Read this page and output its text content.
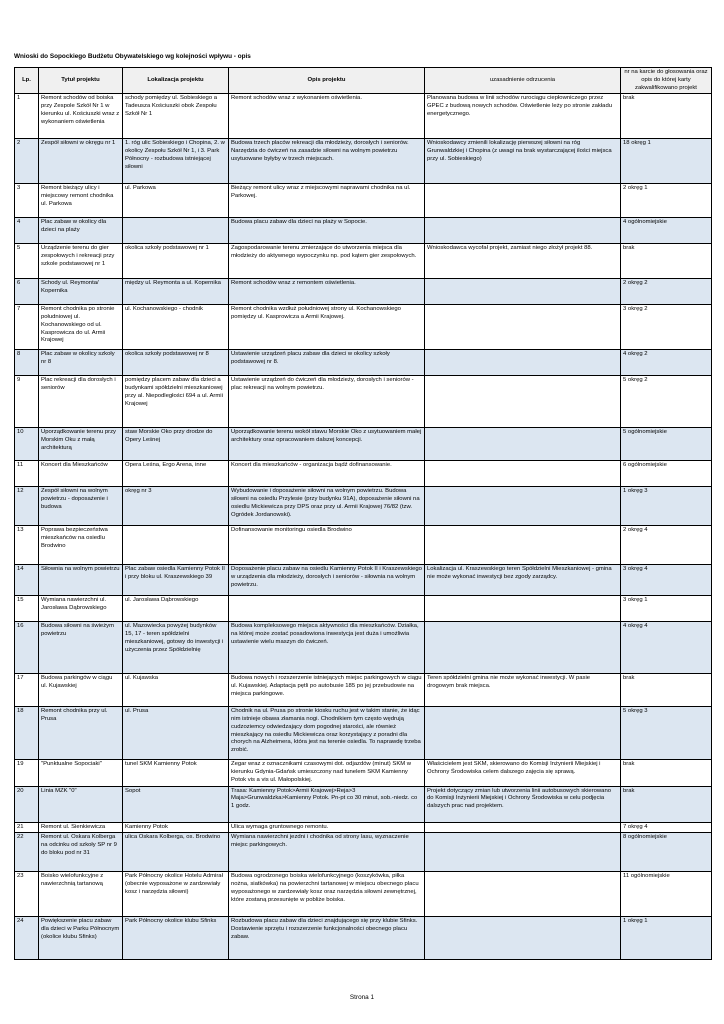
Wnioski do Sopockiego Budżetu Obywatelskiego wg kolejności wpływu - opis
Lp.	Tytuł projektu	Lokalizacja projektu	Opis projektu	uzasadnienie odrzucenia	nr na karcie do głosowania oraz opis do której karty zakwalifikowano projekt
1	Remont schodów od boiska przy Zespole Szkół Nr 1 w kierunku ul. Kościuszki wraz z wykonaniem oświetlenia	schody pomiędzy ul. Sobieskiego a Tadeusza Kościuszki obok Zespołu Szkół Nr 1	Remont schodów wraz z wykonaniem oświetlenia.	Planowana budowa w linii schodów rurociągu ciepłowniczego przez GPEC z budową nowych schodów. Oświetlenie leży po stronie zakładu energetycznego.	brak
2	Zespół siłowni w okręgu nr 1	1. róg ulic Sobieskiego i Chopina, 2. w okolicy Zespołu Szkół Nr 1, i 3. Park Północny - rozbudowa istniejącej siłowni	Budowa trzech placów rekreacji dla młodzieży, dorosłych i seniorów. Narzędzia do ćwiczeń na zasadzie siłowni na wolnym powietrzu usytuowane byłyby w trzech miejscach.	Wnioskodawcy zmienili lokalizację pierwszej siłowni na róg Grunwaldzkiej i Chopina (z uwagi na brak wystarczającej ilości miejsca przy ul. Sobieskiego)	18 okręg 1
3	Remont bieżący ulicy i miejscowy remont chodnika ul. Parkowa	ul. Parkowa	Bieżący remont ulicy wraz z miejscowymi naprawami chodnika na ul. Parkowej.		2 okręg 1
4	Plac zabaw w okolicy dla dzieci na plaży		Budowa placu zabaw dla dzieci na plaży w Sopocie.		4 ogólnomiejskie
5	Urządzenie terenu do gier zespołowych i rekreacji przy szkole podstawowej nr 1	okolica szkoły podstawowej nr 1	Zagospodarowanie terenu zmierzające do utworzenia miejsca dla młodzieży do aktywnego wypoczynku np. pod kątem gier zespołowych.	Wnioskodawca wycofał projekt, zamiast niego złożył projekt 88.	brak
6	Schody ul. Reymonta/ Kopernika	między ul. Reymonta a ul. Kopernika	Remont schodów wraz z remontem oświetlenia.		2 okręg 2
7	Remont chodnika po stronie południowej ul. Kochanowskiego od ul. Kasprowicza do ul. Armii Krajowej	ul. Kochanowskiego - chodnik	Remont chodnika wzdłuż południowej strony ul. Kochanowskiego pomiędzy ul. Kasprowicza a Armii Krajowej.		3 okręg 2
8	Plac zabaw w okolicy szkoły nr 8	okolica szkoły podstawowej nr 8	Ustawienie urządzeń placu zabaw dla dzieci w okolicy szkoły podstawowej nr 8.		4 okręg 2
9	Plac rekreacji dla dorosłych i seniorów	pomiędzy placem zabaw dla dzieci a budynkami spółdzielni mieszkaniowej przy al. Niepodległości 694 a ul. Armii Krajowej	Ustawienie urządzeń do ćwiczeń dla młodzieży, dorosłych i seniorów - plac rekreacji na wolnym powietrzu.		5 okręg 2
10	Uporządkowanie terenu przy Morskim Oku z małą architekturą	staw Morskie Oko przy drodze do Opery Leśnej	Uporządkowanie terenu wokół stawu Morskie Oko z usytuowaniem małej architektury oraz opracowaniem dalszej koncepcji.		5 ogólnomiejskie
11	Koncert dla Mieszkańców	Opera Leśna, Ergo Arena, inne	Koncert dla mieszkańców - organizacja bądź dofinansowanie.		6 ogólnomiejskie
12	Zespół siłowni na wolnym powietrzu - doposażenie i budowa	okręg nr 3	Wybudowanie i doposażenie siłowni na wolnym powietrzu. Budowa siłowni na osiedlu Przylesie (przy budynku 91A), doposażenie siłowni na osiedlu Mickiewicza przy DPS oraz przy ul. Armii Krajowej 76/82 (tzw. Ogródek Jordanowski).		1 okręg 3
13	Poprawa bezpieczeństwa mieszkańców na osiedlu Brodwino		Dofinansowanie monitoringu osiedla Brodwino		2 okręg 4
14	Siłownia na wolnym powietrzu	Plac zabaw osiedla Kamienny Potok II i przy bloku ul. Kraszewskiego 39	Doposażenie placu zabaw na osiedlu Kamienny Potok II i Kraszewskiego w urządzenia dla młodzieży, dorosłych i seniorów - siłownia na wolnym powietrzu.	Lokalizacja ul. Kraszewskiego teren Spółdzielni Mieszkaniowej - gmina nie może wykonać inwestycji bez zgody zarządcy.	3 okręg 4
15	Wymiana nawierzchni ul. Jarosława Dąbrowskiego	ul. Jarosława Dąbrowskiego			3 okręg 1
16	Budowa siłowni na świeżym powietrzu	ul. Mazowiecka powyżej budynków 15, 17 - teren spółdzielni mieszkaniowej, gotowy do inwestycji i użyczenia przez Spółdzielnię	Budowa kompleksowego miejsca aktywności dla mieszkańców. Działka, na której może zostać posadowiona inwestycja jest duża i umożliwia ustawienie wielu maszyn do ćwiczeń.		4 okręg 4
17	Budowa parkingów w ciągu ul. Kujawskiej	ul. Kujawska	Budowa nowych i rozszerzenie istniejących miejsc parkingowych w ciągu ul. Kujawskiej. Adaptacja pętli po autobusie 185 po jej przebudowie na miejsca parkingowe.	Teren spółdzielni gmina nie może wykonać inwestycji. W pasie drogowym brak miejsca.	brak
18	Remont chodnika przy ul. Prusa	ul. Prusa	Chodnik na ul. Prusa po stronie kiosku ruchu jest w takim stanie, że idąc nim istnieje obawa złamania nogi. Chodnikiem tym często wędrują cudzoziemcy odwiedzający dom pogodnej starości, ale również mieszkający na osiedlu Mickiewicza oraz korzystający z poradni dla chorych na Alzheimera, która jest na terenie osiedla. To naprawdę trzeba zrobić.		5 okręg 3
19	"Punktualne Sopociaki"	tunel SKM Kamienny Potok	Zegar wraz z oznacznikami czasowymi dot. odjazdów (minut) SKM w kierunku Gdynia-Gdańsk umieszczony nad tunelem SKM Kamienny Potok vis a vis ul. Małopolskiej.	Właścicielem jest SKM, skierowano do Komisji Inżynierii Miejskiej i Ochrony Środowiska celem dalszego zajęcia się sprawą.	brak
20	Linia MZK "0"	Sopot	Trasa: Kamienny Potok>Armii Krajowej>Reja>3 Maja>Grunwaldzka>Kamienny Potok. Pn-pt co 30 minut, sob.-niedz. co 1 godz.	Projekt dotyczący zmian lub utworzenia linii autobusowych skierowano do Komisji Inżynierii Miejskiej i Ochrony Środowiska w celu podjęcia dalszych prac nad projektem.	brak
21	Remont ul. Sienkiewicza	Kamienny Potok	Ulica wymaga gruntownego remontu.		7 okręg 4
22	Remont ul. Oskara Kolberga na odcinku od szkoły SP nr 9 do bloku pod nr 31	ulica Oskara Kolberga, os. Brodwino	Wymiana nawierzchni jezdni i chodnika od strony lasu, wyznaczenie miejsc parkingowych.		8 ogólnomiejskie
23	Boisko wielofunkcyjne z nawierzchnią tartanową	Park Północny okolice Hotelu Admirał (obecnie wyposażone w zardzewiały kosz i narzędzia siłowni)	Budowa ogrodzonego boiska wielofunkcyjnego (koszykówka, piłka nożna, siatkówka) na powierzchni tartanowej w miejscu obecnego placu wyposażonego w zardzewiały kosz oraz narzędzia siłowni zewnętrznej, które zostaną przesunięte w pobliże boiska.		11 ogólnomiejskie
24	Powiększenie placu zabaw dla dzieci w Parku Północnym (okolice klubu Sfinks)	Park Północny okolice klubu Sfinks	Rozbudowa placu zabaw dla dzieci znajdującego się przy klubie Sfinks. Dostawienie sprzętu i rozszerzenie funkcjonalności obecnego placu zabaw.		1 okręg 1
Strona 1
